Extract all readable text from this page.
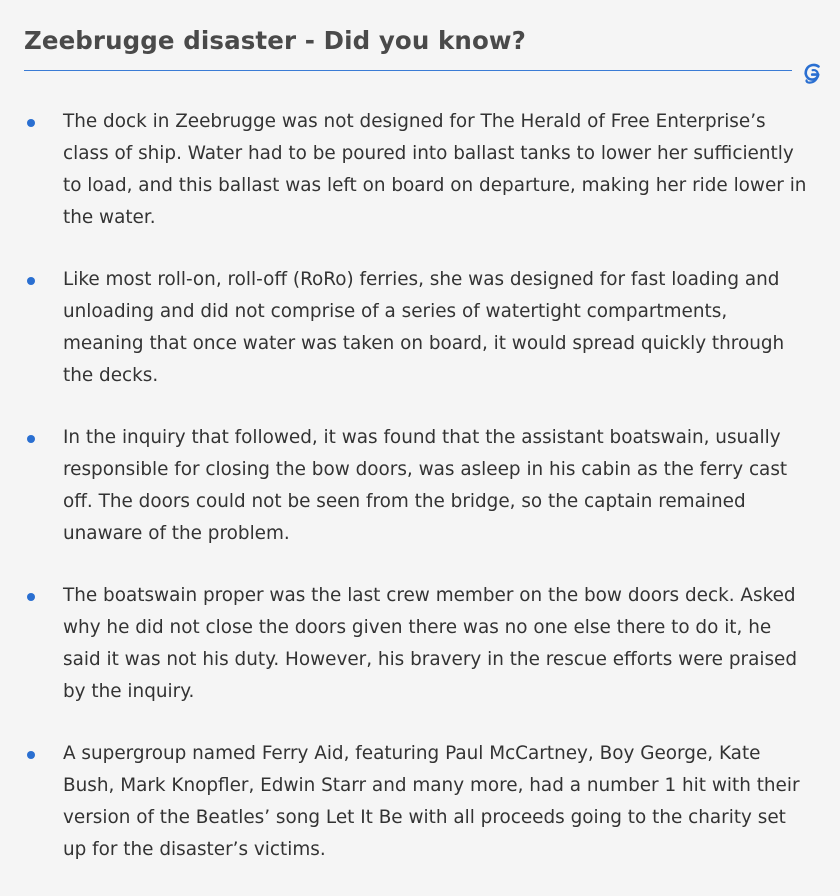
Zeebrugge disaster - Did you know?
The dock in Zeebrugge was not designed for The Herald of Free Enterprise’s class of ship. Water had to be poured into ballast tanks to lower her sufficiently to load, and this ballast was left on board on departure, making her ride lower in the water.
Like most roll-on, roll-off (RoRo) ferries, she was designed for fast loading and unloading and did not comprise of a series of watertight compartments, meaning that once water was taken on board, it would spread quickly through the decks.
In the inquiry that followed, it was found that the assistant boatswain, usually responsible for closing the bow doors, was asleep in his cabin as the ferry cast off. The doors could not be seen from the bridge, so the captain remained unaware of the problem.
The boatswain proper was the last crew member on the bow doors deck. Asked why he did not close the doors given there was no one else there to do it, he said it was not his duty. However, his bravery in the rescue efforts were praised by the inquiry.
A supergroup named Ferry Aid, featuring Paul McCartney, Boy George, Kate Bush, Mark Knopfler, Edwin Starr and many more, had a number 1 hit with their version of the Beatles’ song Let It Be with all proceeds going to the charity set up for the disaster’s victims.
